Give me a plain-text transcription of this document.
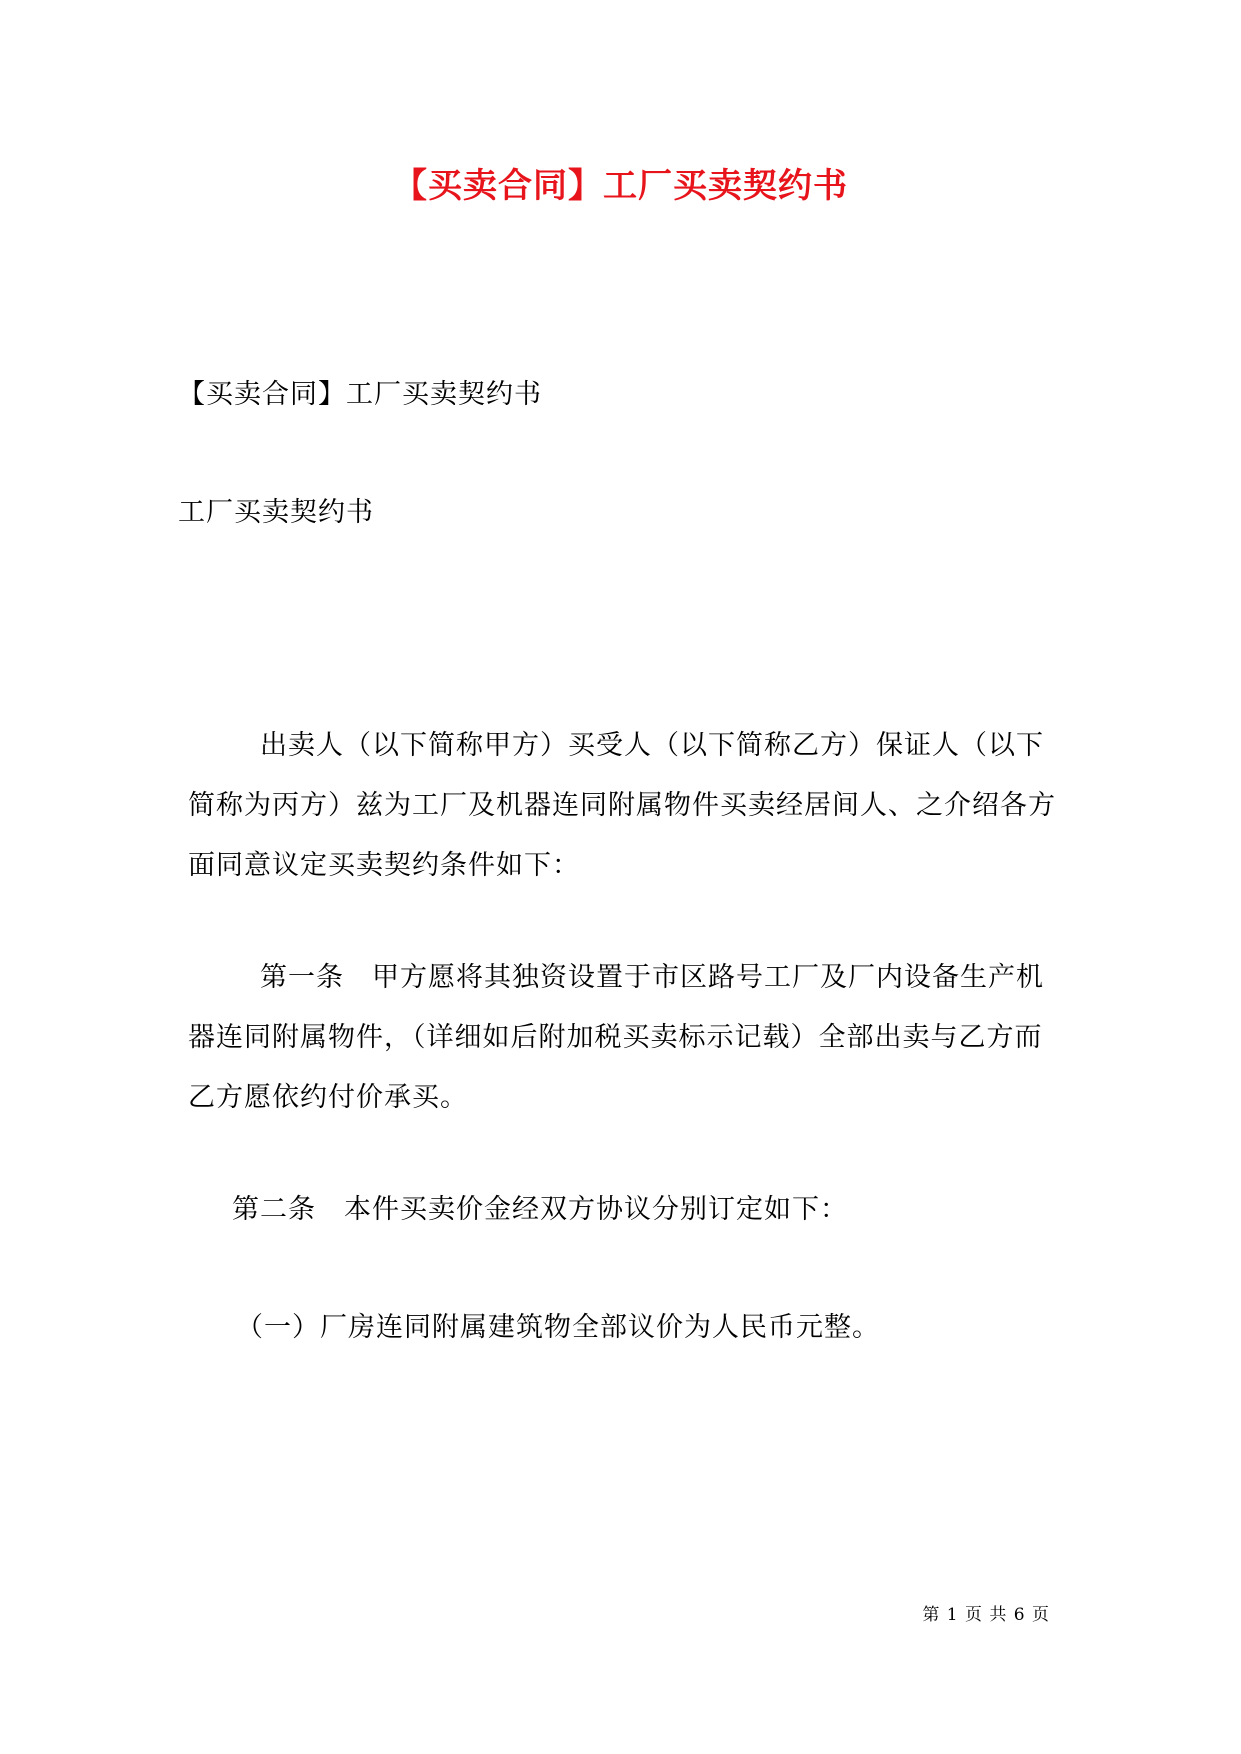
【买卖合同】工厂买卖契约书
【买卖合同】工厂买卖契约书
工厂买卖契约书

出卖人（以下简称甲方）买受人（以下简称乙方）保证人（以下简称为丙方）兹为工厂及机器连同附属物件买卖经居间人、之介绍各方面同意议定买卖契约条件如下：

第一条　甲方愿将其独资设置于市区路号工厂及厂内设备生产机器连同附属物件，（详细如后附加税买卖标示记载）全部出卖与乙方而乙方愿依约付价承买。

第二条　本件买卖价金经双方协议分别订定如下：
（一）厂房连同附属建筑物全部议价为人民币元整。
第 1 页 共 6 页
